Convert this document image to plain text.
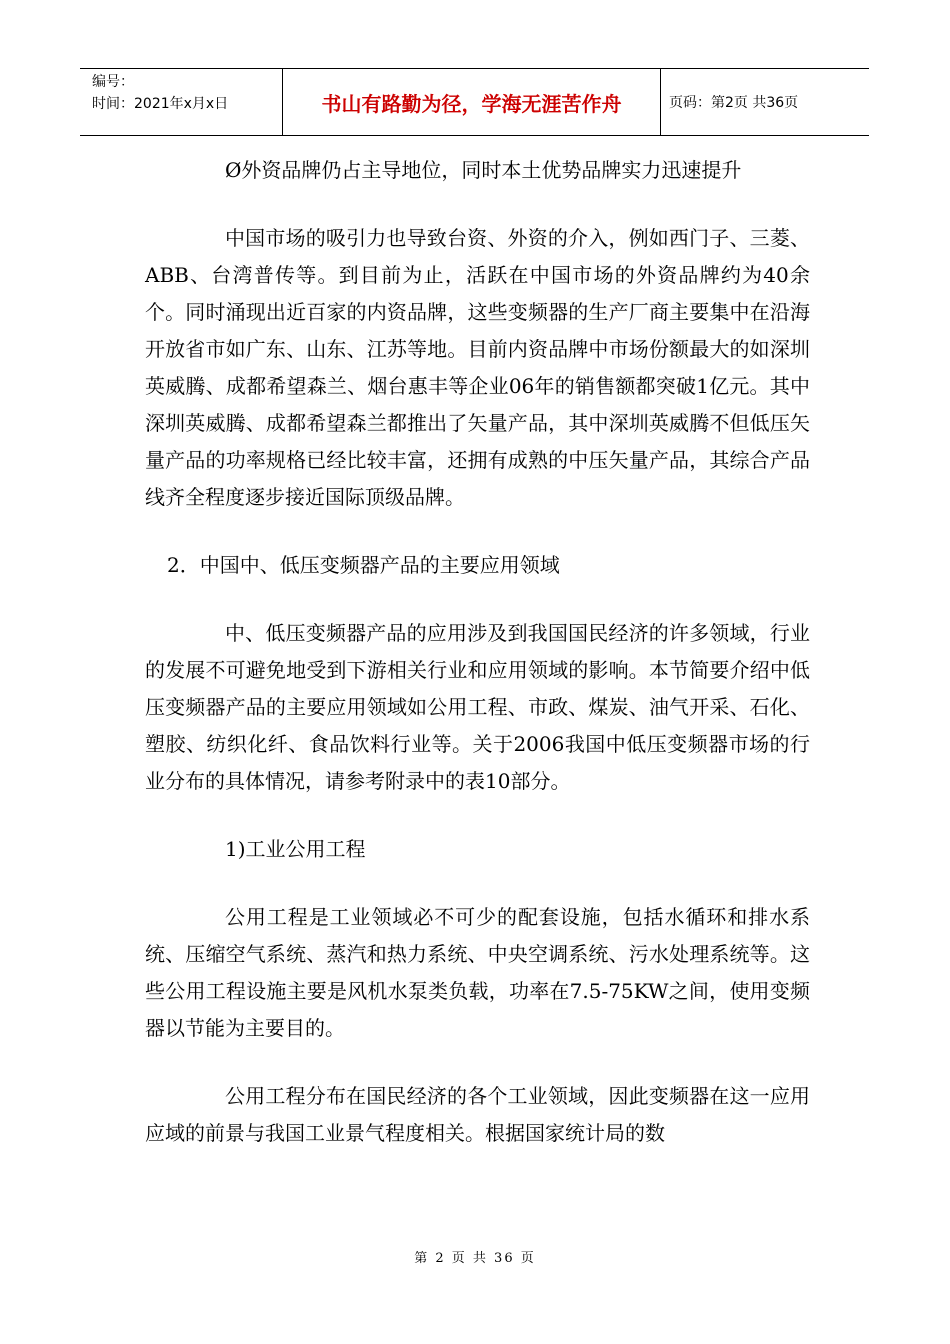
编号：
时间：2021年x月x日	书山有路勤为径，学海无涯苦作舟	页码：第2页 共36页

Ø外资品牌仍占主导地位，同时本土优势品牌实力迅速提升

中国市场的吸引力也导致台资、外资的介入，例如西门子、三菱、ABB、台湾普传等。到目前为止，活跃在中国市场的外资品牌约为40余个。同时涌现出近百家的内资品牌，这些变频器的生产厂商主要集中在沿海开放省市如广东、山东、江苏等地。目前内资品牌中市场份额最大的如深圳英威腾、成都希望森兰、烟台惠丰等企业06年的销售额都突破1亿元。其中深圳英威腾、成都希望森兰都推出了矢量产品，其中深圳英威腾不但低压矢量产品的功率规格已经比较丰富，还拥有成熟的中压矢量产品，其综合产品线齐全程度逐步接近国际顶级品牌。

2．中国中、低压变频器产品的主要应用领域

中、低压变频器产品的应用涉及到我国国民经济的许多领域，行业的发展不可避免地受到下游相关行业和应用领域的影响。本节简要介绍中低压变频器产品的主要应用领域如公用工程、市政、煤炭、油气开采、石化、塑胶、纺织化纤、食品饮料行业等。关于2006我国中低压变频器市场的行业分布的具体情况，请参考附录中的表10部分。

1)工业公用工程

公用工程是工业领域必不可少的配套设施，包括水循环和排水系统、压缩空气系统、蒸汽和热力系统、中央空调系统、污水处理系统等。这些公用工程设施主要是风机水泵类负载，功率在7.5-75KW之间，使用变频器以节能为主要目的。

公用工程分布在国民经济的各个工业领域，因此变频器在这一应用应域的前景与我国工业景气程度相关。根据国家统计局的数

第 2 页 共 36 页
